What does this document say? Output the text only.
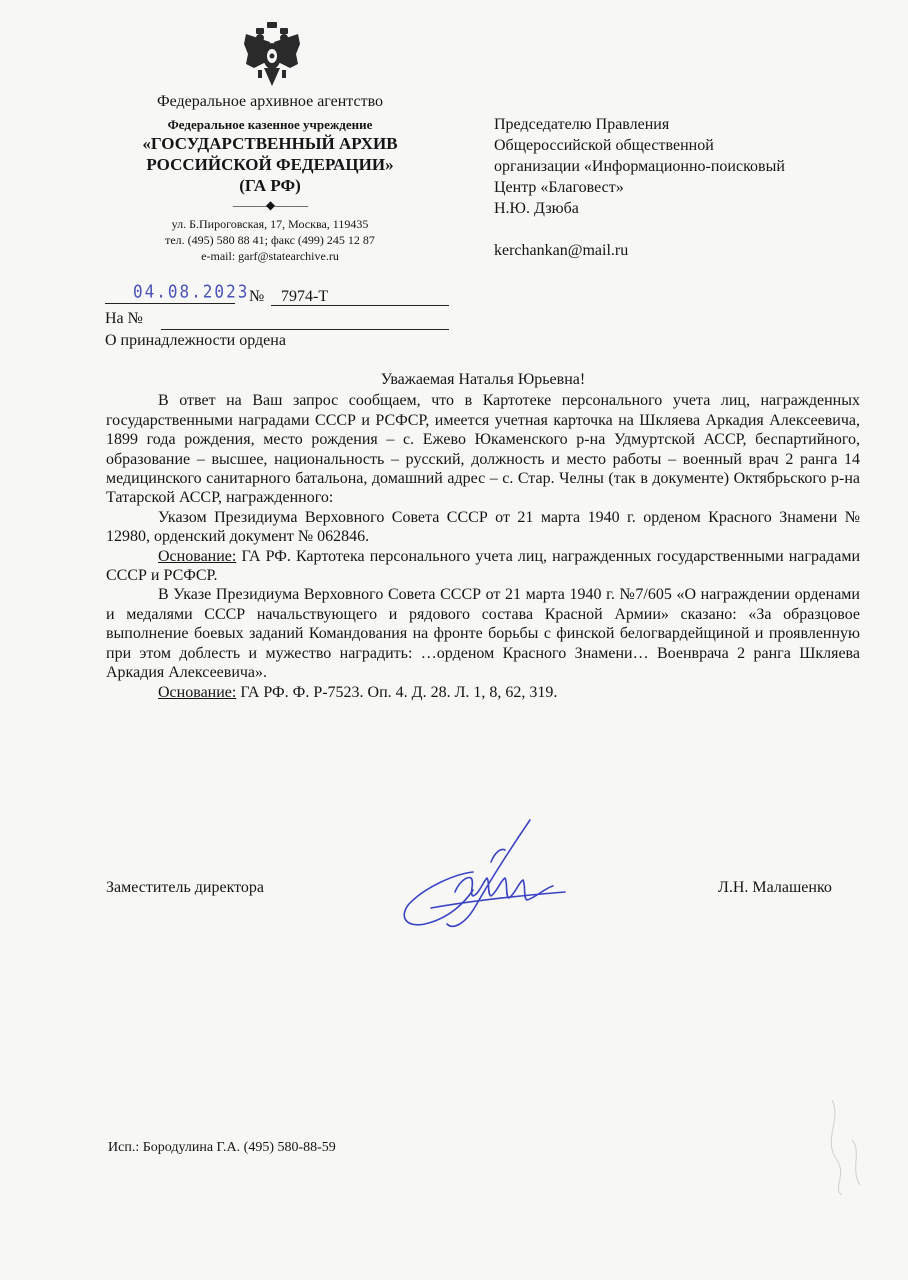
Федеральное архивное агентство
Федеральное казенное учреждение
«ГОСУДАРСТВЕННЫЙ АРХИВ
РОССИЙСКОЙ ФЕДЕРАЦИИ»
(ГА РФ)
———◆———
ул. Б.Пироговская, 17, Москва, 119435
тел. (495) 580 88 41; факс (499) 245 12 87
e-mail: garf@statearchive.ru
Председателю Правления
Общероссийской общественной
организации «Информационно-поисковый
Центр «Благовест»
Н.Ю. Дзюба
kerchankan@mail.ru
04.08.2023 № 7974-Т
На №
О принадлежности ордена
Уважаемая Наталья Юрьевна!

В ответ на Ваш запрос сообщаем, что в Картотеке персонального учета лиц, награжденных государственными наградами СССР и РСФСР, имеется учетная карточка на Шкляева Аркадия Алексеевича, 1899 года рождения, место рождения – с. Ежево Юкаменского р-на Удмуртской АССР, беспартийного, образование – высшее, национальность – русский, должность и место работы – военный врач 2 ранга 14 медицинского санитарного батальона, домашний адрес – с. Стар. Челны (так в документе) Октябрьского р-на Татарской АССР, награжденного:

Указом Президиума Верховного Совета СССР от 21 марта 1940 г. орденом Красного Знамени № 12980, орденский документ № 062846.

Основание: ГА РФ. Картотека персонального учета лиц, награжденных государственными наградами СССР и РСФСР.

В Указе Президиума Верховного Совета СССР от 21 марта 1940 г. №7/605 «О награждении орденами и медалями СССР начальствующего и рядового состава Красной Армии» сказано: «За образцовое выполнение боевых заданий Командования на фронте борьбы с финской белогвардейщиной и проявленную при этом доблесть и мужество наградить: …орденом Красного Знамени… Военврача 2 ранга Шкляева Аркадия Алексеевича».

Основание: ГА РФ. Ф. Р-7523. Оп. 4. Д. 28. Л. 1, 8, 62, 319.

Заместитель директора	Л.Н. Малашенко
Исп.: Бородулина Г.А. (495) 580-88-59
